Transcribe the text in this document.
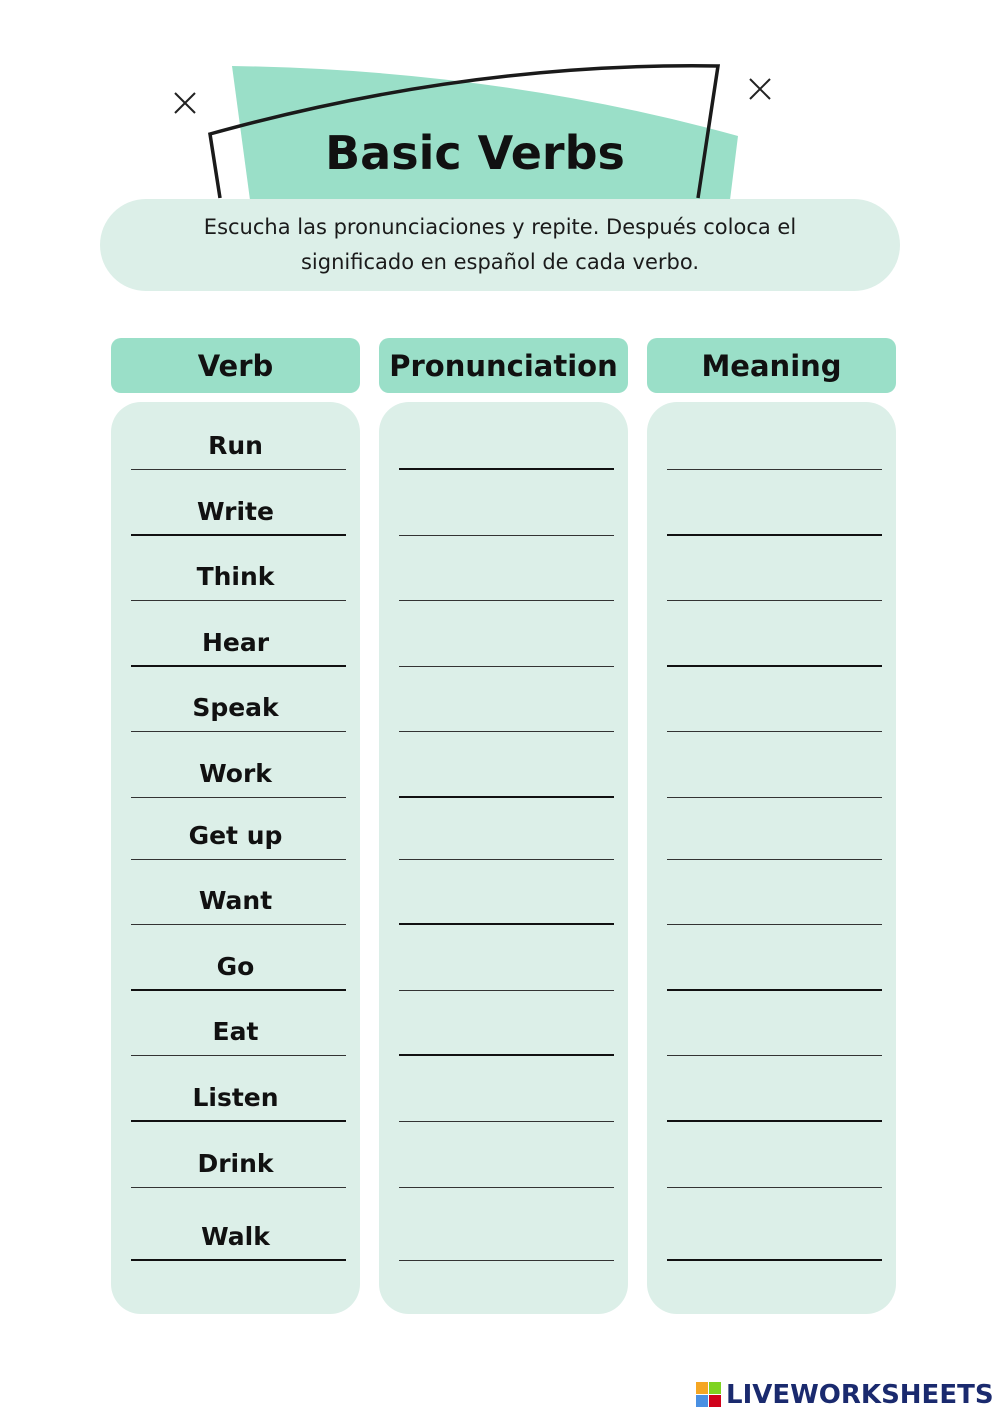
Basic Verbs
Escucha las pronunciaciones y repite. Después coloca el significado en español de cada verbo.
Verb	Pronunciation	Meaning
Run
Write
Think
Hear
Speak
Work
Get up
Want
Go
Eat
Listen
Drink
Walk
LIVEWORKSHEETS
